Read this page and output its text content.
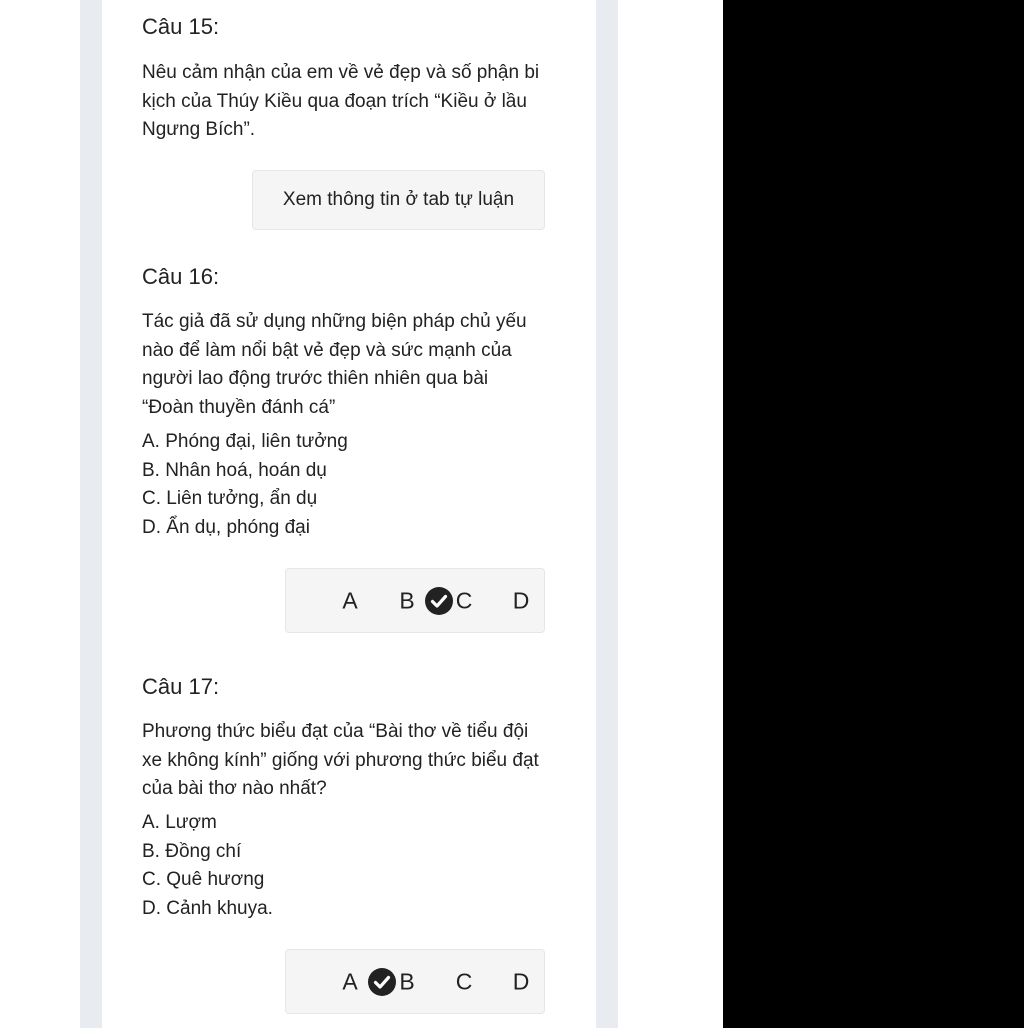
Câu 15:
Nêu cảm nhận của em về vẻ đẹp và số phận bi
kịch của Thúy Kiều qua đoạn trích “Kiều ở lầu
Ngưng Bích”.
Xem thông tin ở tab tự luận
Câu 16:
Tác giả đã sử dụng những biện pháp chủ yếu
nào để làm nổi bật vẻ đẹp và sức mạnh của
người lao động trước thiên nhiên qua bài
“Đoàn thuyền đánh cá”
A. Phóng đại, liên tưởng
B. Nhân hoá, hoán dụ
C. Liên tưởng, ẩn dụ
D. Ẩn dụ, phóng đại
A B C D
Câu 17:
Phương thức biểu đạt của “Bài thơ về tiểu đội
xe không kính” giống với phương thức biểu đạt
của bài thơ nào nhất?
A. Lượm
B. Đồng chí
C. Quê hương
D. Cảnh khuya.
A B C D
